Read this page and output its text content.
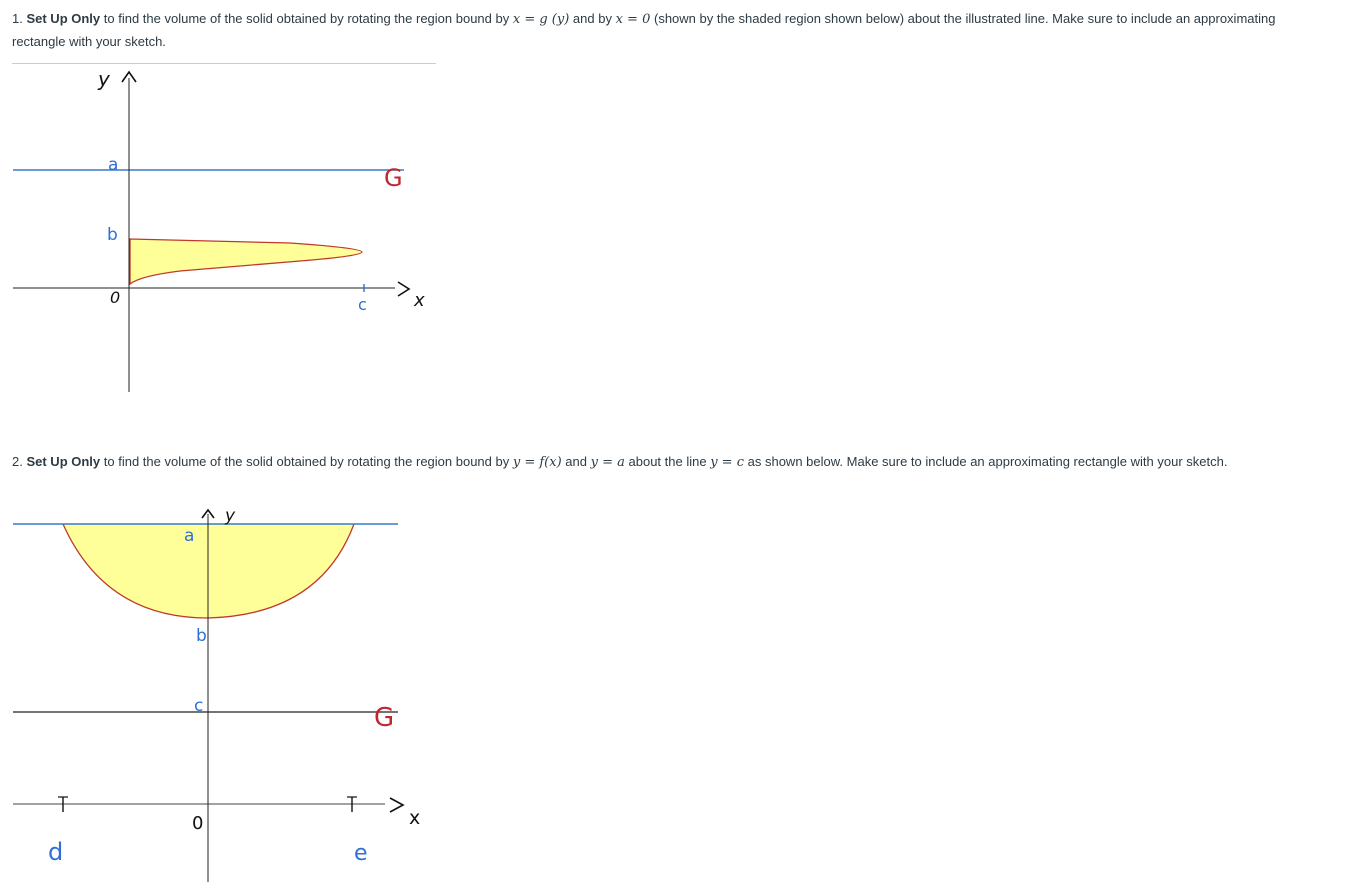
1. Set Up Only to find the volume of the solid obtained by rotating the region bound by x = g (y) and by x = 0 (shown by the shaded region shown below) about the illustrated line. Make sure to include an approximating rectangle with your sketch.
y
x
a
b
0	c
G
2. Set Up Only to find the volume of the solid obtained by rotating the region bound by y = f(x) and y = a about the line y = c as shown below. Make sure to include an approximating rectangle with your sketch.
y
x
a
b
c
0
d	e
G
